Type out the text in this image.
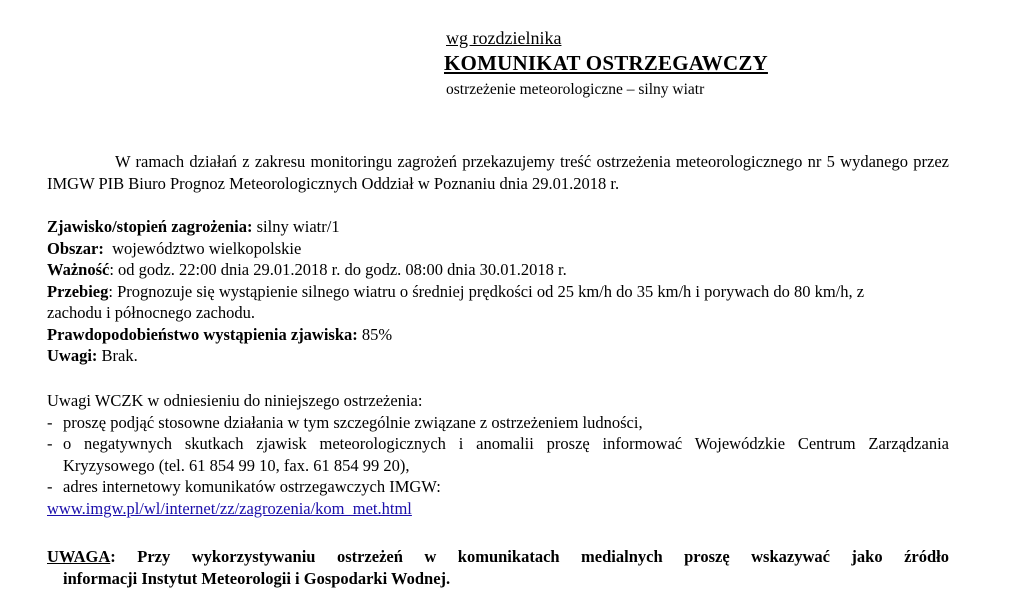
wg rozdzielnika
KOMUNIKAT OSTRZEGAWCZY
ostrzeżenie meteorologiczne – silny wiatr

W ramach działań z zakresu monitoringu zagrożeń przekazujemy treść ostrzeżenia meteorologicznego nr 5 wydanego przez IMGW PIB Biuro Prognoz Meteorologicznych Oddział w Poznaniu dnia 29.01.2018 r.

Zjawisko/stopień zagrożenia: silny wiatr/1

Obszar:  województwo wielkopolskie

Ważność: od godz. 22:00 dnia 29.01.2018 r. do godz. 08:00 dnia 30.01.2018 r.

Przebieg: Prognozuje się wystąpienie silnego wiatru o średniej prędkości od 25 km/h do 35 km/h i porywach do 80 km/h, z zachodu i północnego zachodu.

Prawdopodobieństwo wystąpienia zjawiska: 85%

Uwagi: Brak.

Uwagi WCZK w odniesieniu do niniejszego ostrzeżenia:

- proszę podjąć stosowne działania w tym szczególnie związane z ostrzeżeniem ludności,
- o negatywnych skutkach zjawisk meteorologicznych i anomalii proszę informować Wojewódzkie Centrum Zarządzania Kryzysowego (tel. 61 854 99 10, fax. 61 854 99 20),
- adres internetowy komunikatów ostrzegawczych IMGW:
www.imgw.pl/wl/internet/zz/zagrozenia/kom_met.html

UWAGA: Przy wykorzystywaniu ostrzeżeń w komunikatach medialnych proszę wskazywać jako źródło

informacji Instytut Meteorologii i Gospodarki Wodnej.
